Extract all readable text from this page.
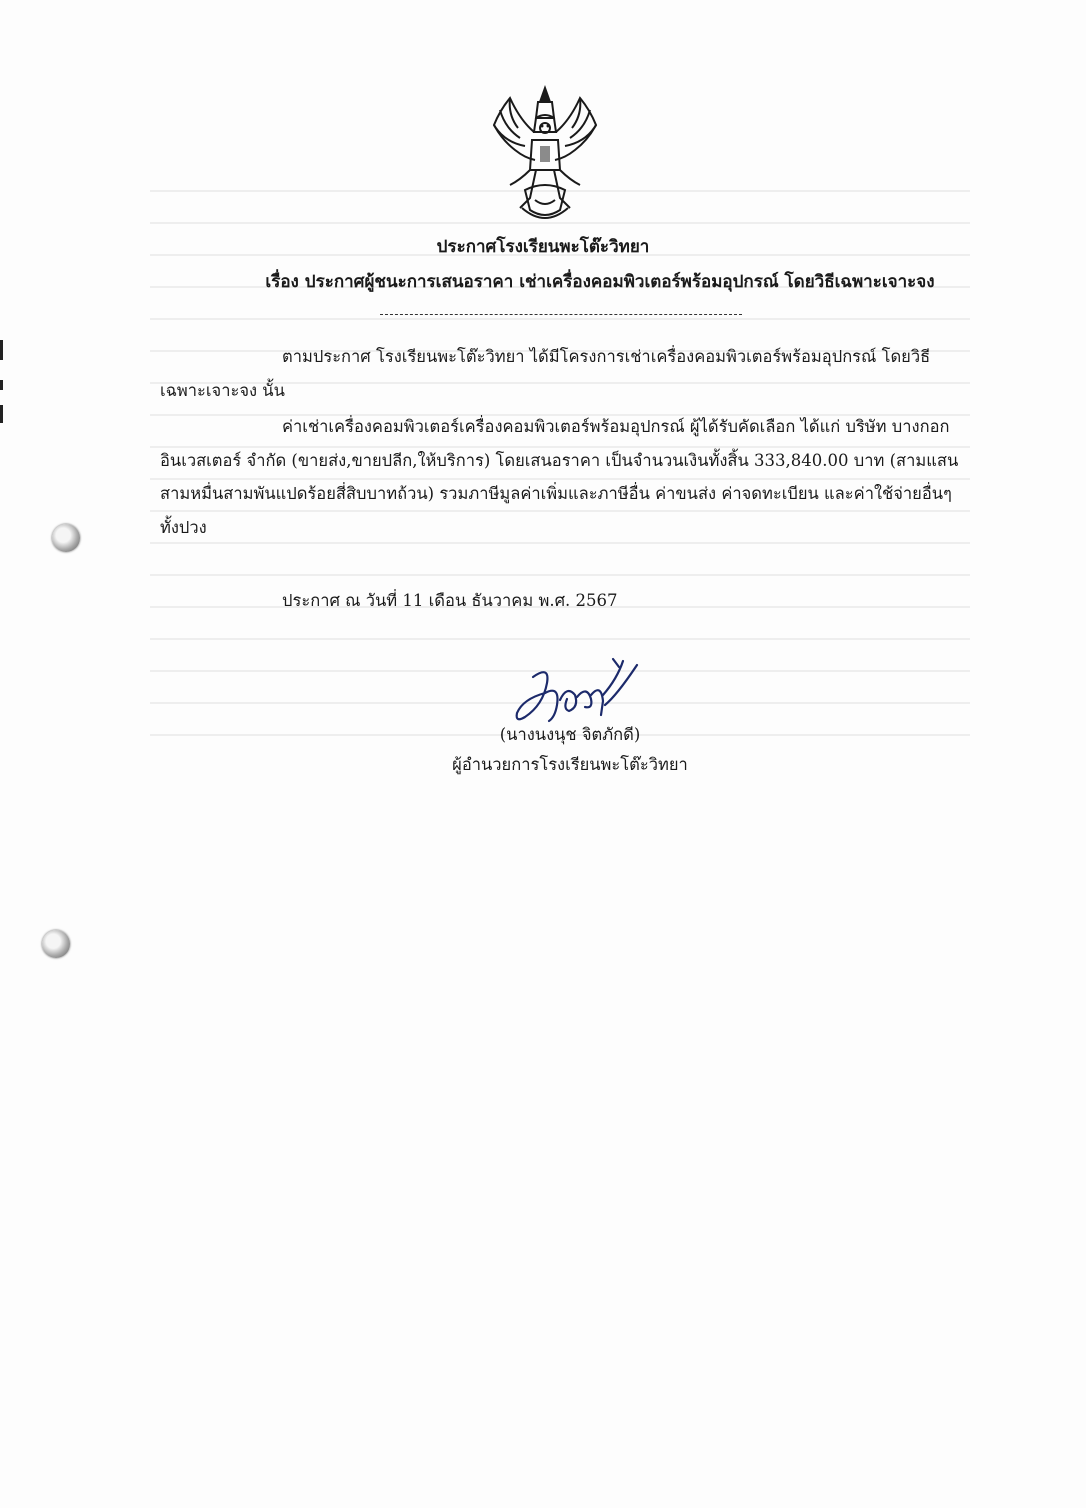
ประกาศโรงเรียนพะโต๊ะวิทยา
เรื่อง ประกาศผู้ชนะการเสนอราคา เช่าเครื่องคอมพิวเตอร์พร้อมอุปกรณ์ โดยวิธีเฉพาะเจาะจง
ตามประกาศ โรงเรียนพะโต๊ะวิทยา ได้มีโครงการเช่าเครื่องคอมพิวเตอร์พร้อมอุปกรณ์ โดยวิธีเฉพาะเจาะจง นั้น
ค่าเช่าเครื่องคอมพิวเตอร์เครื่องคอมพิวเตอร์พร้อมอุปกรณ์ ผู้ได้รับคัดเลือก ได้แก่ บริษัท บางกอก อินเวสเตอร์ จำกัด (ขายส่ง,ขายปลีก,ให้บริการ) โดยเสนอราคา เป็นจำนวนเงินทั้งสิ้น 333,840.00 บาท (สามแสนสามหมื่นสามพันแปดร้อยสี่สิบบาทถ้วน) รวมภาษีมูลค่าเพิ่มและภาษีอื่น ค่าขนส่ง ค่าจดทะเบียน และค่าใช้จ่ายอื่นๆ ทั้งปวง
ประกาศ ณ วันที่ 11 เดือน ธันวาคม พ.ศ. 2567
(นางนงนุช จิตภักดี)
ผู้อำนวยการโรงเรียนพะโต๊ะวิทยา
